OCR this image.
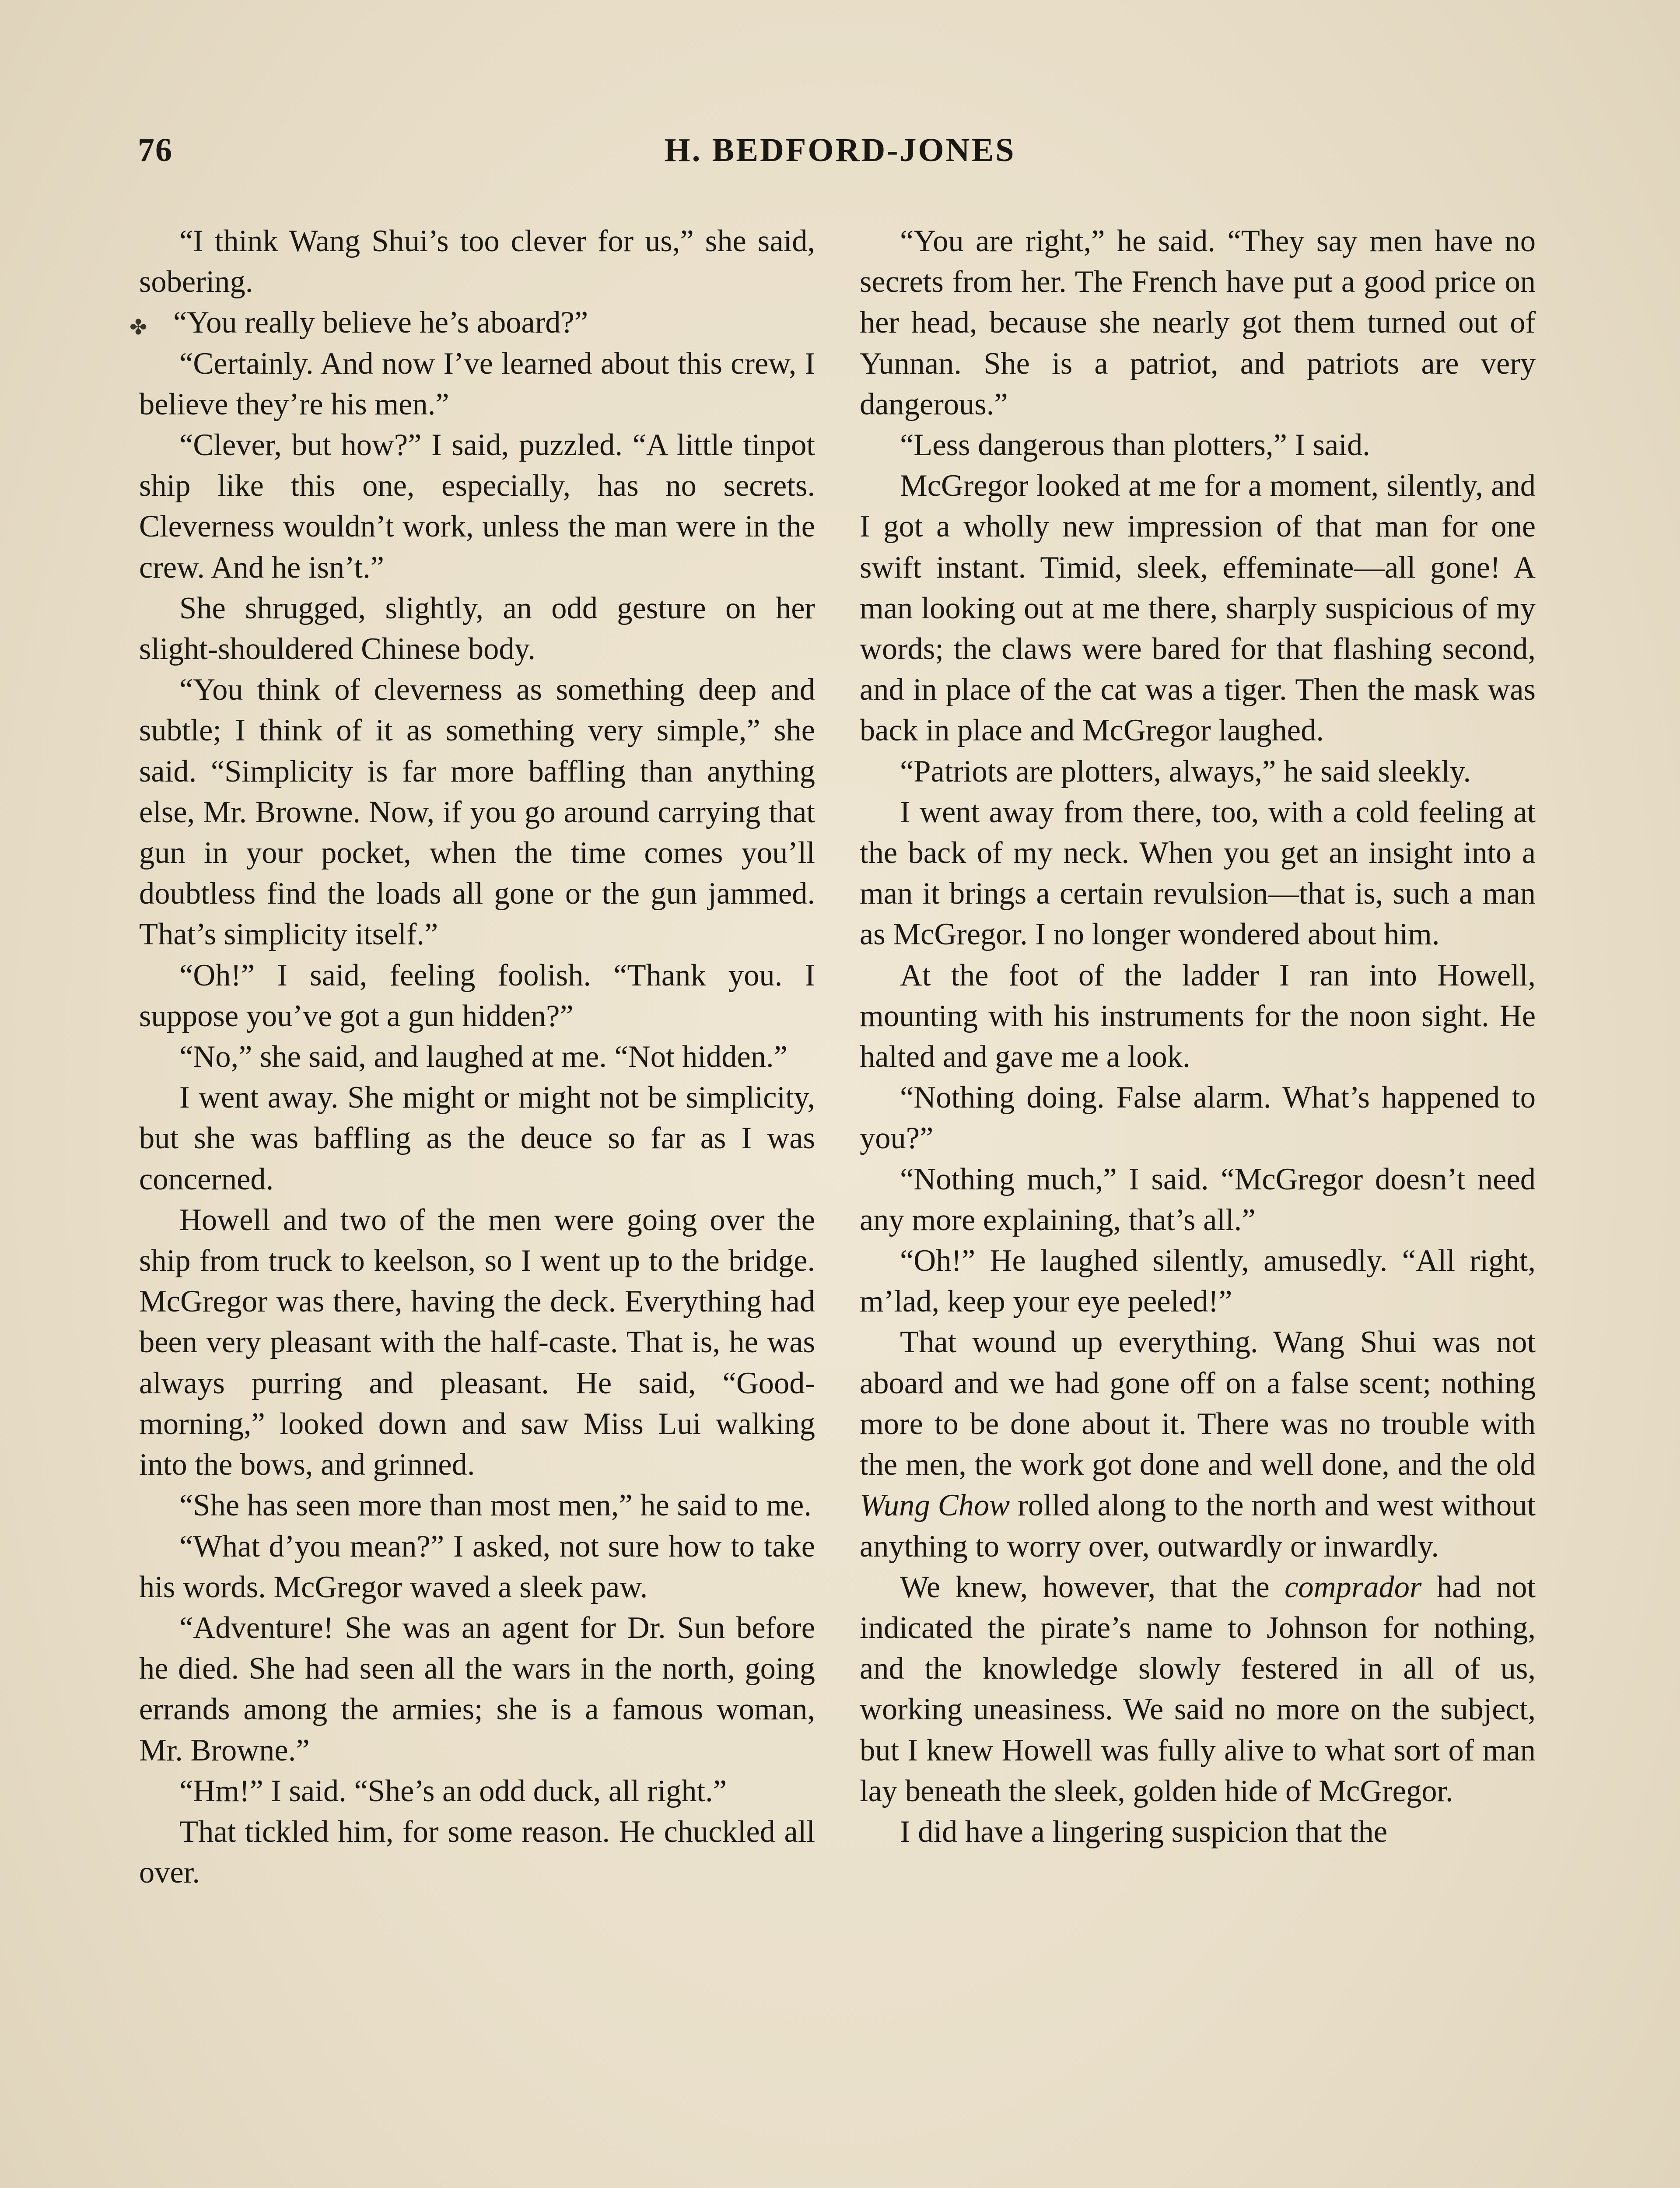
76	H. BEDFORD-JONES
✤

“I think Wang Shui’s too clever for us,” she said, sobering.

“You really believe he’s aboard?”

“Certainly. And now I’ve learned about this crew, I believe they’re his men.”

“Clever, but how?” I said, puzzled. “A little tinpot ship like this one, especially, has no secrets. Cleverness wouldn’t work, unless the man were in the crew. And he isn’t.”

She shrugged, slightly, an odd gesture on her slight-shouldered Chinese body.

“You think of cleverness as something deep and subtle; I think of it as something very simple,” she said. “Simplicity is far more baffling than anything else, Mr. Browne. Now, if you go around carrying that gun in your pocket, when the time comes you’ll doubtless find the loads all gone or the gun jammed. That’s simplicity itself.”

“Oh!” I said, feeling foolish. “Thank you. I suppose you’ve got a gun hidden?”

“No,” she said, and laughed at me. “Not hidden.”

I went away. She might or might not be simplicity, but she was baffling as the deuce so far as I was concerned.

Howell and two of the men were going over the ship from truck to keelson, so I went up to the bridge. McGregor was there, having the deck. Everything had been very pleasant with the half-caste. That is, he was always purring and pleasant. He said, “Good-morning,” looked down and saw Miss Lui walking into the bows, and grinned.

“She has seen more than most men,” he said to me.

“What d’you mean?” I asked, not sure how to take his words. McGregor waved a sleek paw.

“Adventure! She was an agent for Dr. Sun before he died. She had seen all the wars in the north, going errands among the armies; she is a famous woman, Mr. Browne.”

“Hm!” I said. “She’s an odd duck, all right.”

That tickled him, for some reason. He chuckled all over.

“You are right,” he said. “They say men have no secrets from her. The French have put a good price on her head, because she nearly got them turned out of Yunnan. She is a patriot, and patriots are very dangerous.”

“Less dangerous than plotters,” I said.

McGregor looked at me for a moment, silently, and I got a wholly new impression of that man for one swift instant. Timid, sleek, effeminate—all gone! A man looking out at me there, sharply suspicious of my words; the claws were bared for that flashing second, and in place of the cat was a tiger. Then the mask was back in place and McGregor laughed.

“Patriots are plotters, always,” he said sleekly.

I went away from there, too, with a cold feeling at the back of my neck. When you get an insight into a man it brings a certain revulsion—that is, such a man as McGregor. I no longer wondered about him.

At the foot of the ladder I ran into Howell, mounting with his instruments for the noon sight. He halted and gave me a look.

“Nothing doing. False alarm. What’s happened to you?”

“Nothing much,” I said. “McGregor doesn’t need any more explaining, that’s all.”

“Oh!” He laughed silently, amusedly. “All right, m’lad, keep your eye peeled!”

That wound up everything. Wang Shui was not aboard and we had gone off on a false scent; nothing more to be done about it. There was no trouble with the men, the work got done and well done, and the old Wung Chow rolled along to the north and west without anything to worry over, outwardly or inwardly.

We knew, however, that the comprador had not indicated the pirate’s name to Johnson for nothing, and the knowledge slowly festered in all of us, working uneasiness. We said no more on the subject, but I knew Howell was fully alive to what sort of man lay beneath the sleek, golden hide of McGregor.

I did have a lingering suspicion that the
